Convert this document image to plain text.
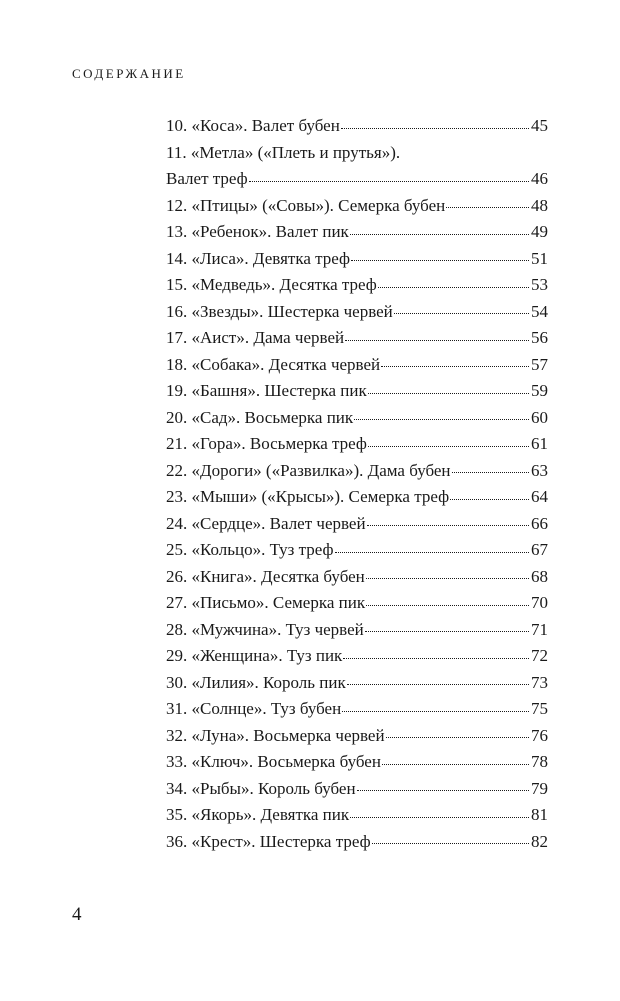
СОДЕРЖАНИЕ
10. «Коса». Валет бубен	45
11. «Метла» («Плеть и прутья»).
Валет треф	46
12. «Птицы» («Совы»). Семерка бубен	48
13. «Ребенок». Валет пик	49
14. «Лиса». Девятка треф	51
15. «Медведь». Десятка треф	53
16. «Звезды». Шестерка червей	54
17. «Аист». Дама червей	56
18. «Собака». Десятка червей	57
19. «Башня». Шестерка пик	59
20. «Сад». Восьмерка пик	60
21. «Гора». Восьмерка треф	61
22. «Дороги» («Развилка»). Дама бубен	63
23. «Мыши» («Крысы»). Семерка треф	64
24. «Сердце». Валет червей	66
25. «Кольцо». Туз треф	67
26. «Книга». Десятка бубен	68
27. «Письмо». Семерка пик	70
28. «Мужчина». Туз червей	71
29. «Женщина». Туз пик	72
30. «Лилия». Король пик	73
31. «Солнце». Туз бубен	75
32. «Луна». Восьмерка червей	76
33. «Ключ». Восьмерка бубен	78
34. «Рыбы». Король бубен	79
35. «Якорь». Девятка пик	81
36. «Крест». Шестерка треф	82
4
